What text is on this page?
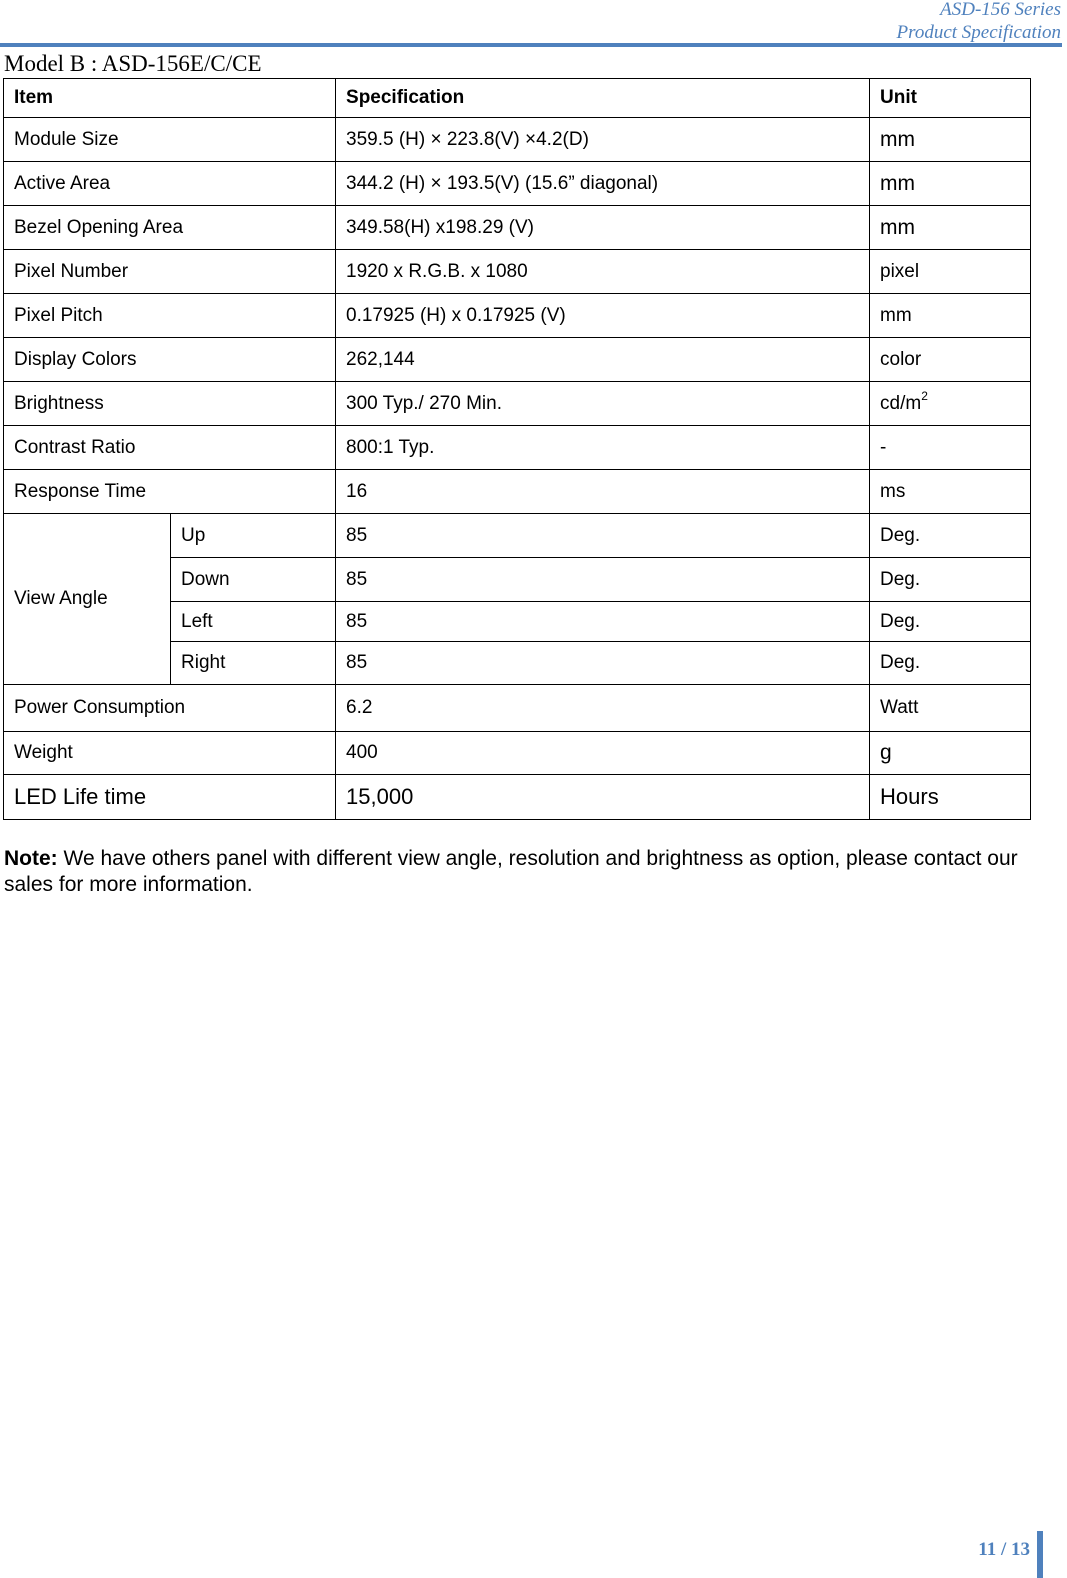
ASD-156 Series
Product Specification
Model B : ASD-156E/C/CE
Item		Specification	Unit
Module Size		359.5 (H) × 223.8(V) ×4.2(D)	mm
Active Area		344.2 (H) × 193.5(V) (15.6” diagonal)	mm
Bezel Opening Area		349.58(H) x198.29 (V)	mm
Pixel Number		1920 x R.G.B. x 1080	pixel
Pixel Pitch		0.17925 (H) x 0.17925 (V)	mm
Display Colors		262,144	color
Brightness		300 Typ./ 270 Min.	$cd/m^2$
Contrast Ratio		800:1 Typ.	-
Response Time		16	ms
View Angle	Up	85	Deg.
	Down	85	Deg.
	Left	85	Deg.
	Right	85	Deg.
Power Consumption		6.2	Watt
Weight		400	g
LED Life time		15,000	Hours
Note: We have others panel with different view angle, resolution and brightness as option, please contact our sales for more information.
11 / 13
